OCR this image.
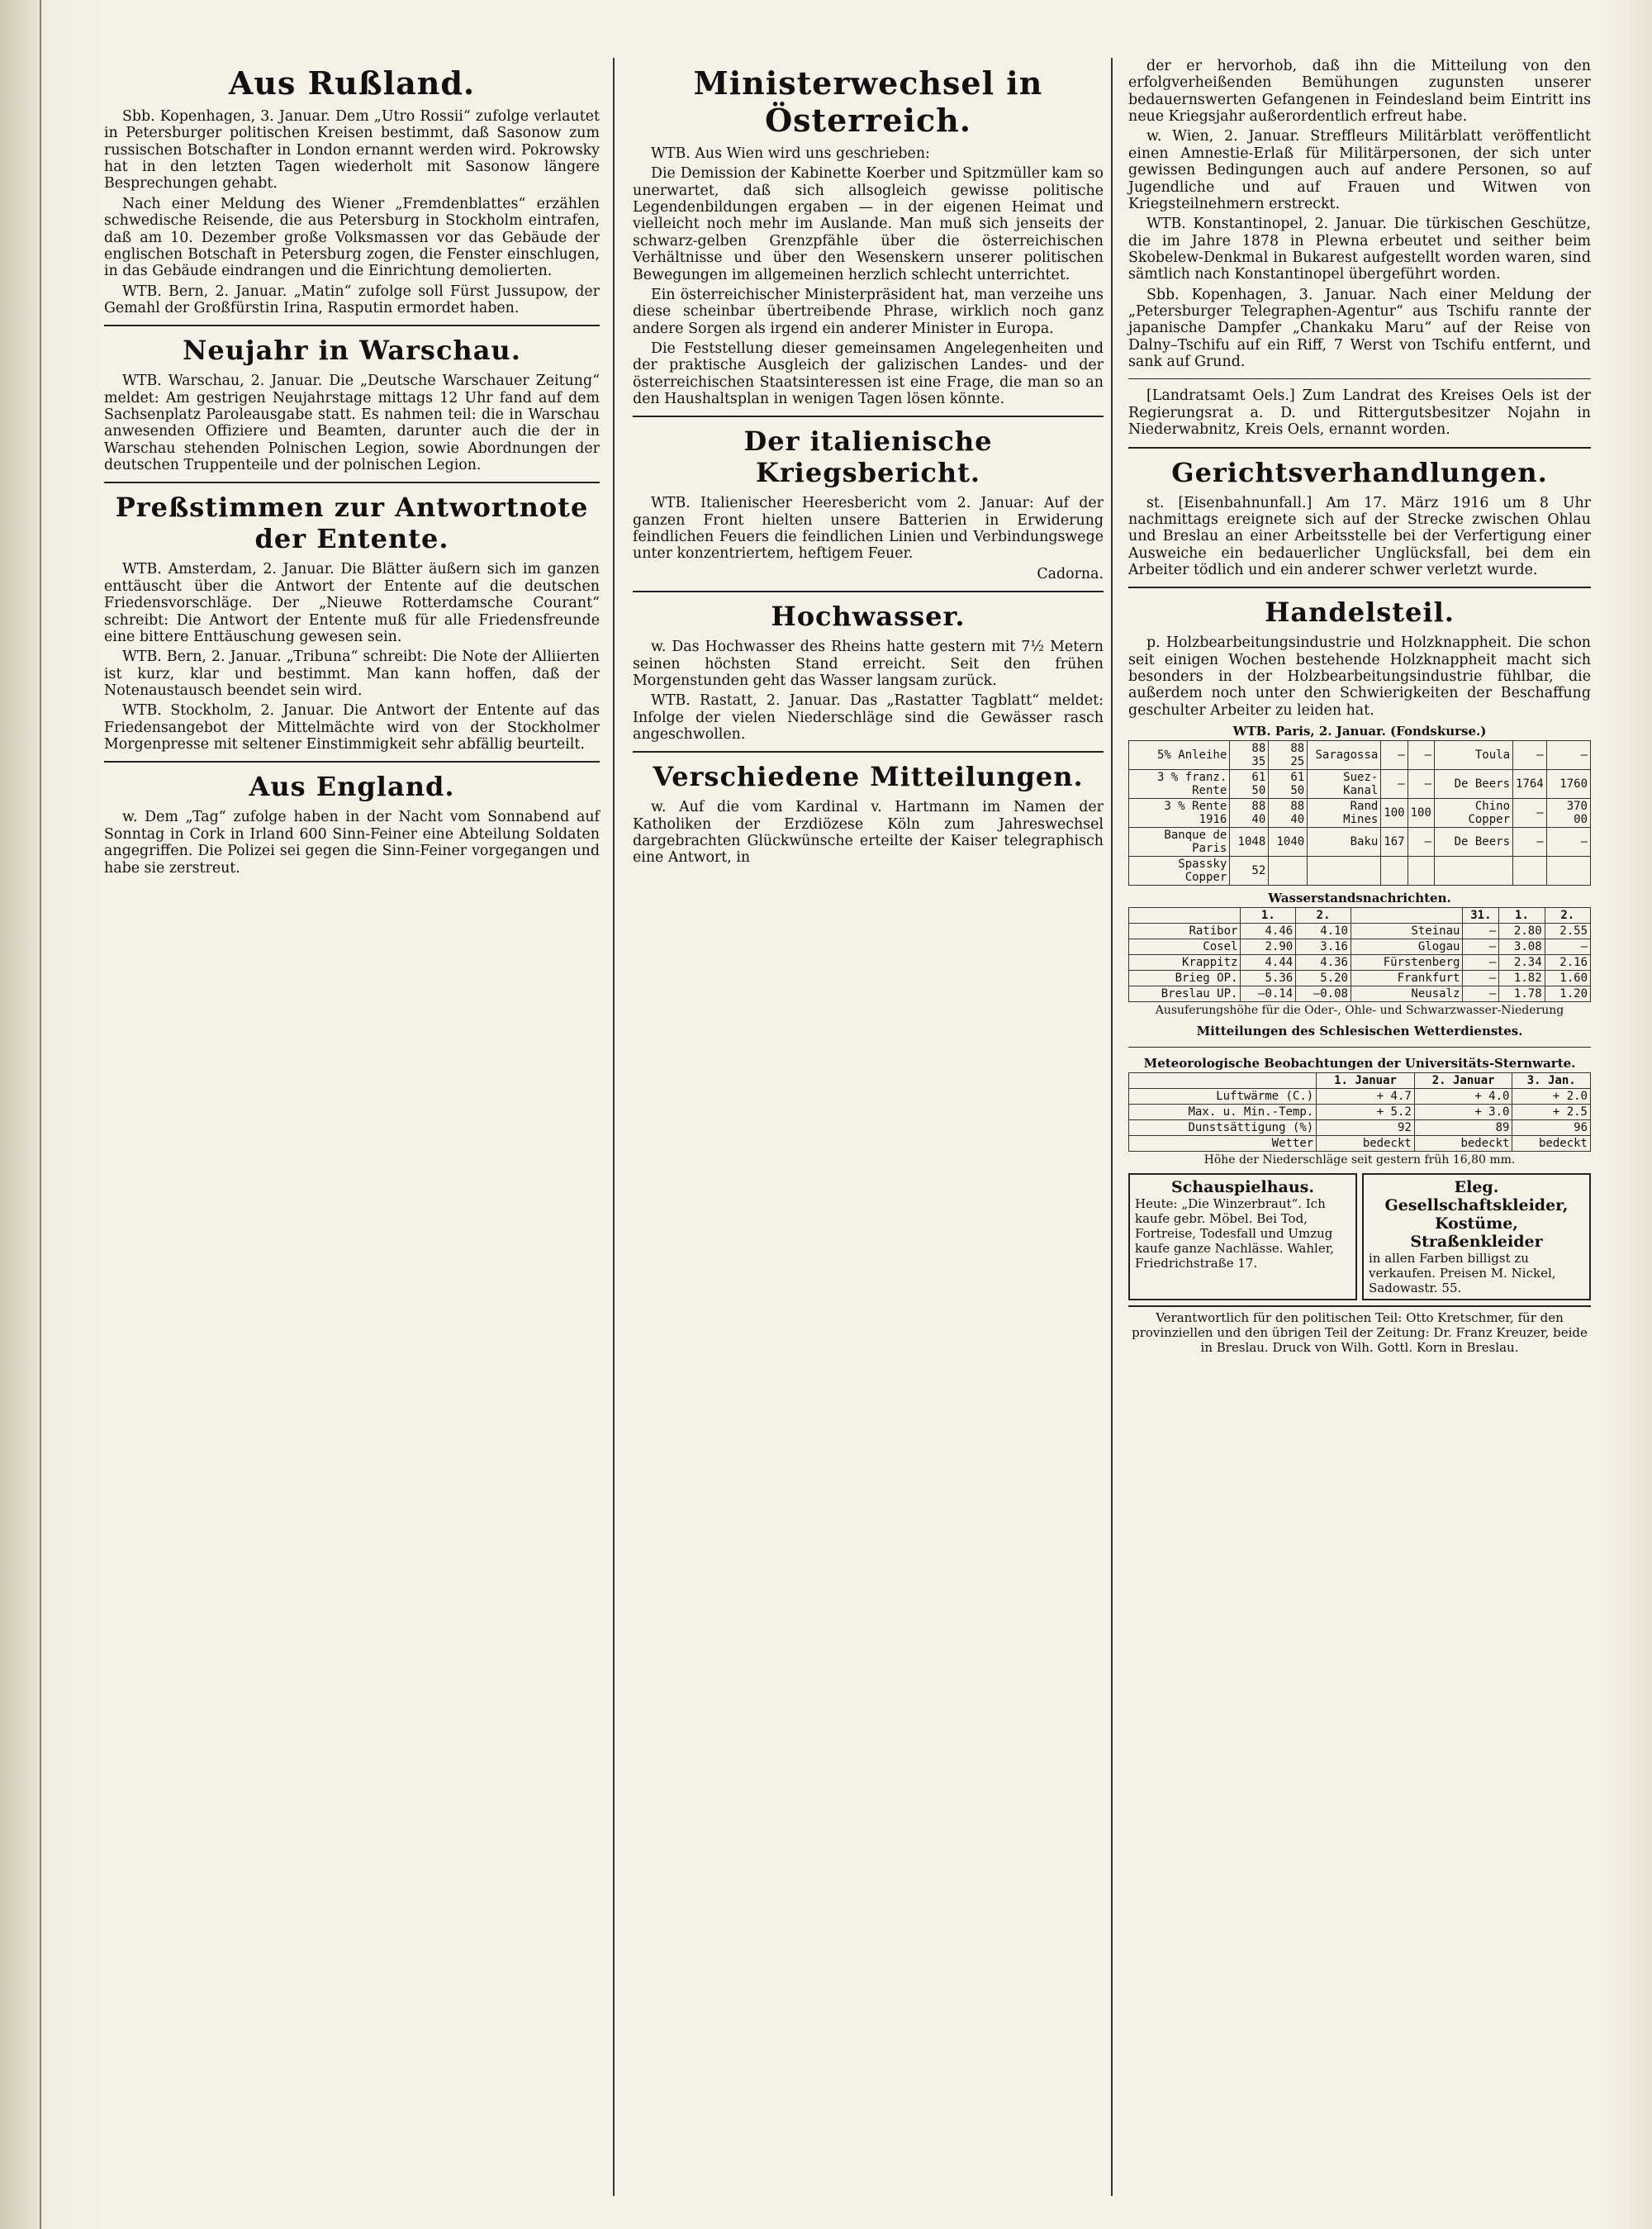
Aus Rußland.

Sbb. Kopenhagen, 3. Januar. Dem „Utro Rossii“ zufolge verlautet in Petersburger politischen Kreisen bestimmt, daß Sasonow zum russischen Botschafter in London ernannt werden wird. Pokrowsky hat in den letzten Tagen wiederholt mit Sasonow längere Besprechungen gehabt.

Nach einer Meldung des Wiener „Fremdenblattes“ erzählen schwedische Reisende, die aus Petersburg in Stockholm eintrafen, daß am 10. Dezember große Volksmassen vor das Gebäude der englischen Botschaft in Petersburg zogen, die Fenster einschlugen, in das Gebäude eindrangen und die Einrichtung demolierten.

WTB. Bern, 2. Januar. „Matin“ zufolge soll Fürst Jussupow, der Gemahl der Großfürstin Irina, Rasputin ermordet haben.

Neujahr in Warschau.

WTB. Warschau, 2. Januar. Die „Deutsche Warschauer Zeitung“ meldet: Am gestrigen Neujahrstage mittags 12 Uhr fand auf dem Sachsenplatz Paroleausgabe statt. Es nahmen teil: die in Warschau anwesenden Offiziere und Beamten, darunter auch die der in Warschau stehenden Polnischen Legion, sowie Abordnungen der deutschen Truppenteile und der polnischen Legion.

Preßstimmen zur Antwortnote der Entente.

WTB. Amsterdam, 2. Januar. Die Blätter äußern sich im ganzen enttäuscht über die Antwort der Entente auf die deutschen Friedensvorschläge. Der „Nieuwe Rotterdamsche Courant“ schreibt: Die Antwort der Entente muß für alle Friedensfreunde eine bittere Enttäuschung gewesen sein.

WTB. Bern, 2. Januar. „Tribuna“ schreibt: Die Note der Alliierten ist kurz, klar und bestimmt. Man kann hoffen, daß der Notenaustausch beendet sein wird.

WTB. Stockholm, 2. Januar. Die Antwort der Entente auf das Friedensangebot der Mittelmächte wird von der Stockholmer Morgenpresse mit seltener Einstimmigkeit sehr abfällig beurteilt.

Aus England.

w. Dem „Tag“ zufolge haben in der Nacht vom Sonnabend auf Sonntag in Cork in Irland 600 Sinn-Feiner eine Abteilung Soldaten angegriffen. Die Polizei sei gegen die Sinn-Feiner vorgegangen und habe sie zerstreut.

Ministerwechsel in Österreich.

WTB. Aus Wien wird uns geschrieben:

Die Demission der Kabinette Koerber und Spitzmüller kam so unerwartet, daß sich allsogleich gewisse politische Legendenbildungen ergaben — in der eigenen Heimat und vielleicht noch mehr im Auslande. Man muß sich jenseits der schwarz-gelben Grenzpfähle über die österreichischen Verhältnisse und über den Wesenskern unserer politischen Bewegungen im allgemeinen herzlich schlecht unterrichtet.

Ein österreichischer Ministerpräsident hat, man verzeihe uns diese scheinbar übertreibende Phrase, wirklich noch ganz andere Sorgen als irgend ein anderer Minister in Europa.

Die Feststellung dieser gemeinsamen Angelegenheiten und der praktische Ausgleich der galizischen Landes- und der österreichischen Staatsinteressen ist eine Frage, die man so an den Haushaltsplan in wenigen Tagen lösen könnte.

Der italienische Kriegsbericht.

WTB. Italienischer Heeresbericht vom 2. Januar: Auf der ganzen Front hielten unsere Batterien in Erwiderung feindlichen Feuers die feindlichen Linien und Verbindungswege unter konzentriertem, heftigem Feuer.

Cadorna.

Hochwasser.

w. Das Hochwasser des Rheins hatte gestern mit 7½ Metern seinen höchsten Stand erreicht. Seit den frühen Morgenstunden geht das Wasser langsam zurück.

WTB. Rastatt, 2. Januar. Das „Rastatter Tagblatt“ meldet: Infolge der vielen Niederschläge sind die Gewässer rasch angeschwollen.

Verschiedene Mitteilungen.

w. Auf die vom Kardinal v. Hartmann im Namen der Katholiken der Erzdiözese Köln zum Jahreswechsel dargebrachten Glückwünsche erteilte der Kaiser telegraphisch eine Antwort, in

der er hervorhob, daß ihn die Mitteilung von den erfolgverheißenden Bemühungen zugunsten unserer bedauernswerten Gefangenen in Feindesland beim Eintritt ins neue Kriegsjahr außerordentlich erfreut habe.

w. Wien, 2. Januar. Streffleurs Militärblatt veröffentlicht einen Amnestie-Erlaß für Militärpersonen, der sich unter gewissen Bedingungen auch auf andere Personen, so auf Jugendliche und auf Frauen und Witwen von Kriegsteilnehmern erstreckt.

WTB. Konstantinopel, 2. Januar. Die türkischen Geschütze, die im Jahre 1878 in Plewna erbeutet und seither beim Skobelew-Denkmal in Bukarest aufgestellt worden waren, sind sämtlich nach Konstantinopel übergeführt worden.

Sbb. Kopenhagen, 3. Januar. Nach einer Meldung der „Petersburger Telegraphen-Agentur“ aus Tschifu rannte der japanische Dampfer „Chankaku Maru“ auf der Reise von Dalny–Tschifu auf ein Riff, 7 Werst von Tschifu entfernt, und sank auf Grund.

[Landratsamt Oels.] Zum Landrat des Kreises Oels ist der Regierungsrat a. D. und Rittergutsbesitzer Nojahn in Niederwabnitz, Kreis Oels, ernannt worden.

Gerichtsverhandlungen.

st. [Eisenbahnunfall.] Am 17. März 1916 um 8 Uhr nachmittags ereignete sich auf der Strecke zwischen Ohlau und Breslau an einer Arbeitsstelle bei der Verfertigung einer Ausweiche ein bedauerlicher Unglücksfall, bei dem ein Arbeiter tödlich und ein anderer schwer verletzt wurde.

Handelsteil.

p. Holzbearbeitungsindustrie und Holzknappheit. Die schon seit einigen Wochen bestehende Holzknappheit macht sich besonders in der Holzbearbeitungsindustrie fühlbar, die außerdem noch unter den Schwierigkeiten der Beschaffung geschulter Arbeiter zu leiden hat.

WTB. Paris, 2. Januar. (Fondskurse.)
5% Anleihe	88 35	88 25	Saragossa	—	—	Toula	—	—
3 % franz. Rente	61 50	61 50	Suez-Kanal	—	—	De Beers	1764	1760
3 % Rente 1916	88 40	88 40	Rand Mines	100	100	Chino Copper	—	370 00
Banque de Paris	1048	1040	Baku	167	—	De Beers	—	—
Spassky Copper	52							
Wasserstandsnachrichten.
	1.	2.		31.	1.	2.
Ratibor	4.46	4.10	Steinau	—	2.80	2.55
Cosel	2.90	3.16	Glogau	—	3.08	—
Krappitz	4.44	4.36	Fürstenberg	—	2.34	2.16
Brieg OP.	5.36	5.20	Frankfurt	—	1.82	1.60
Breslau UP.	—0.14	—0.08	Neusalz	—	1.78	1.20
Ausuferungshöhe für die Oder-, Ohle- und Schwarzwasser-Niederung
Mitteilungen des Schlesischen Wetterdienstes.
Meteorologische Beobachtungen der Universitäts-Sternwarte.
	1. Januar	2. Januar	3. Jan.
Luftwärme (C.)	+ 4.7	+ 4.0	+ 2.0
Max. u. Min.-Temp.	+ 5.2	+ 3.0	+ 2.5
Dunstsättigung (%)	92	89	96
Wetter	bedeckt	bedeckt	bedeckt
Höhe der Niederschläge seit gestern früh 16,80 mm.
Schauspielhaus.
Heute: „Die Winzerbraut“. Ich kaufe gebr. Möbel. Bei Tod, Fortreise, Todesfall und Umzug kaufe ganze Nachlässe. Wahler, Friedrichstraße 17.
Eleg. Gesellschaftskleider, Kostüme, Straßenkleider
in allen Farben billigst zu verkaufen. Preisen M. Nickel, Sadowastr. 55.
Verantwortlich für den politischen Teil: Otto Kretschmer, für den provinziellen und den übrigen Teil der Zeitung: Dr. Franz Kreuzer, beide in Breslau. Druck von Wilh. Gottl. Korn in Breslau.
